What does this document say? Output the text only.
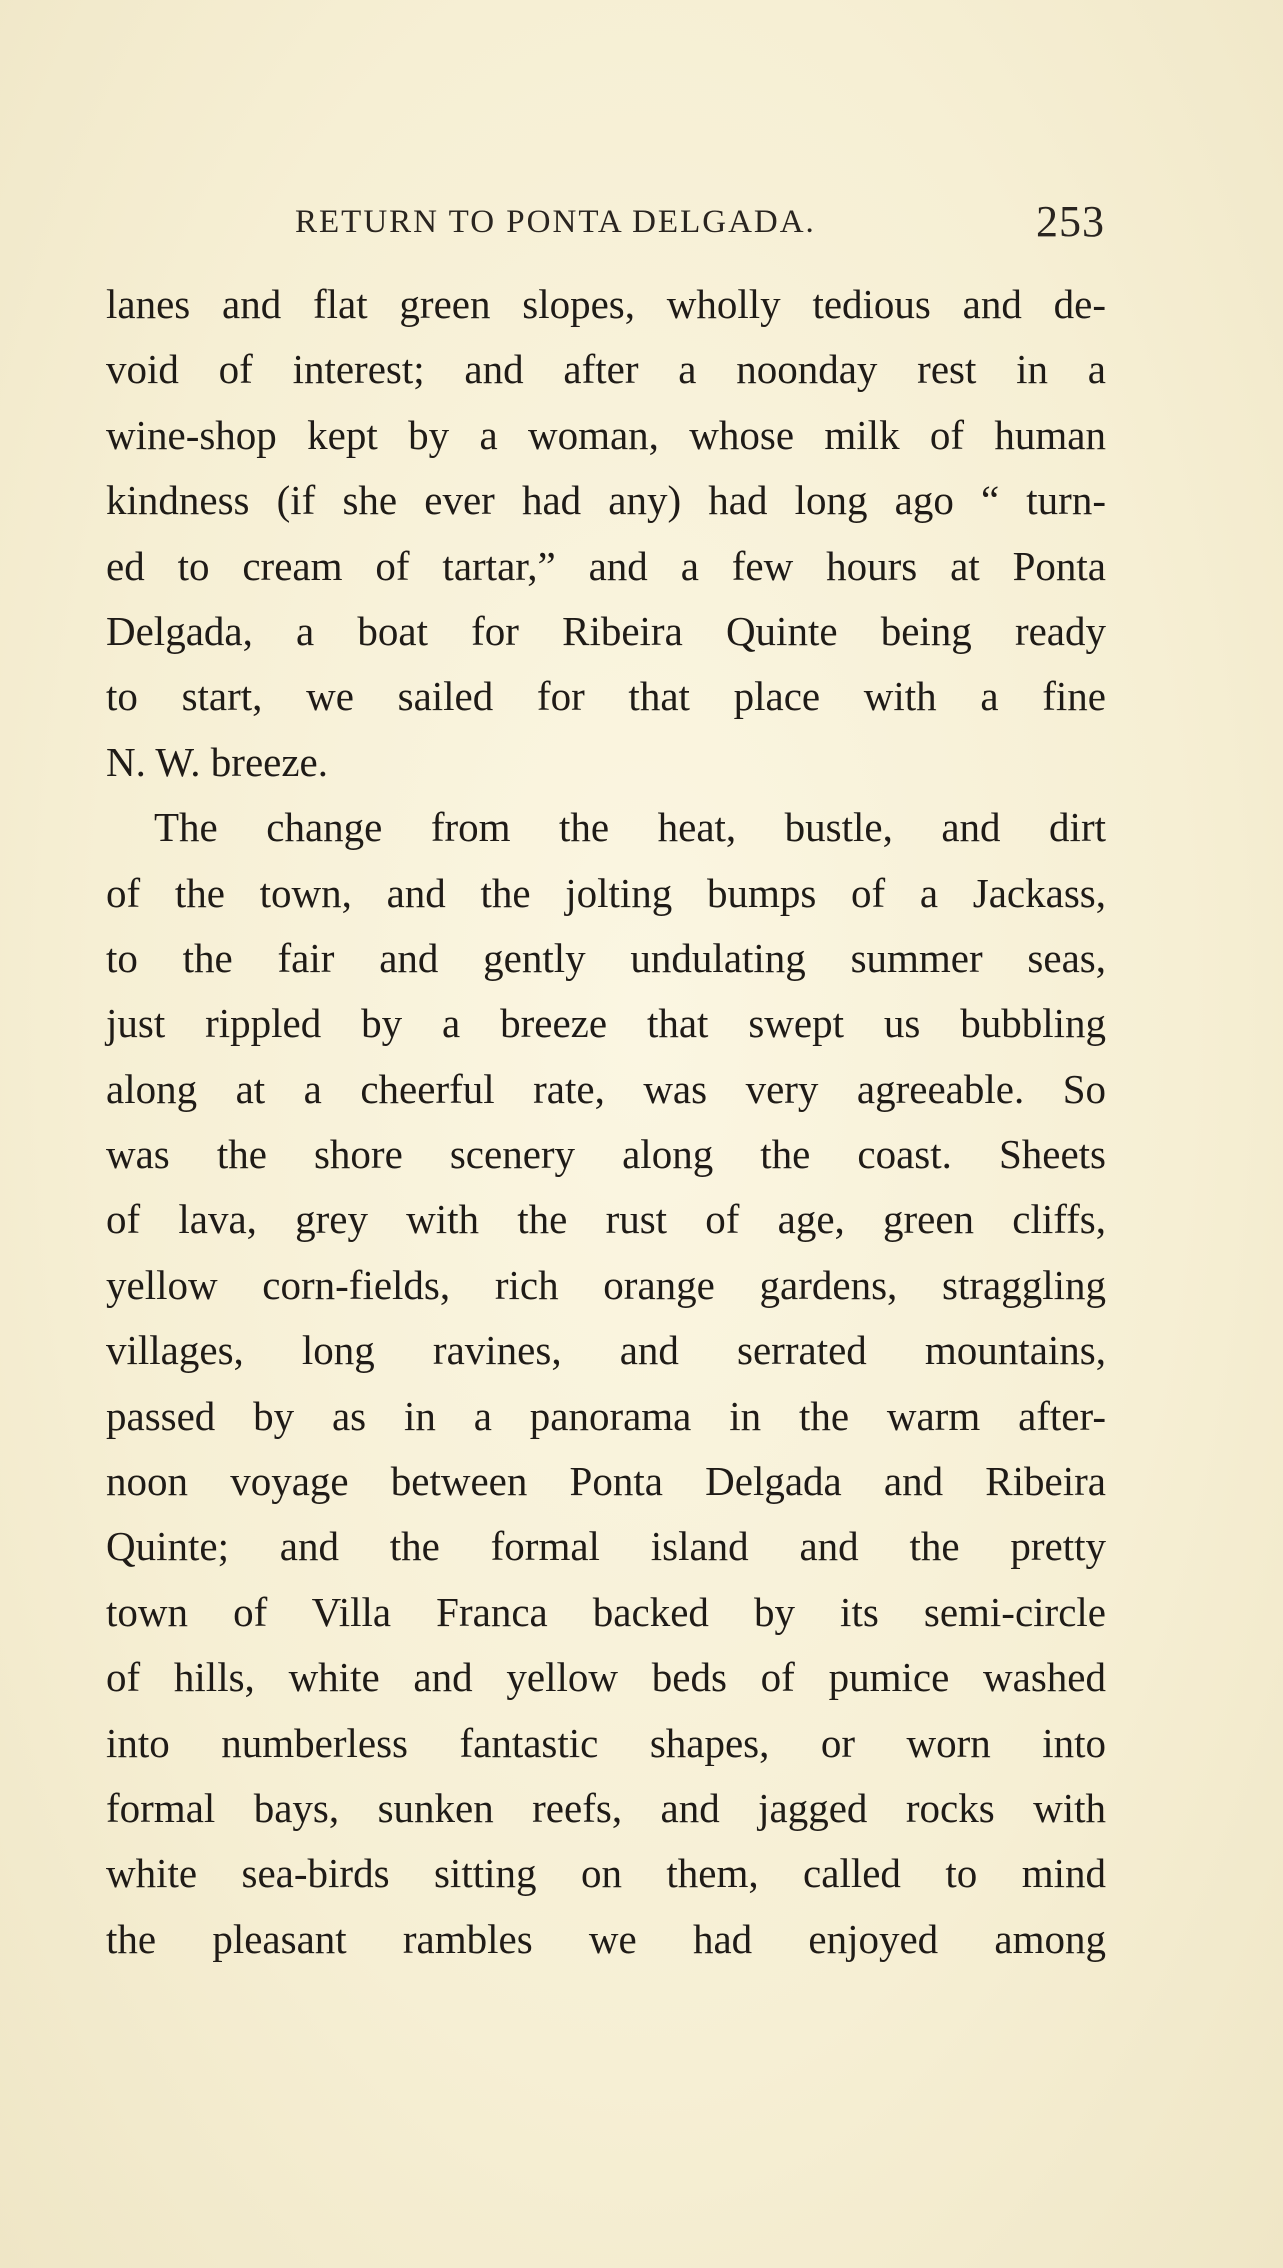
RETURN TO PONTA DELGADA.	253
lanes and flat green slopes, wholly tedious and de-
void of interest; and after a noonday rest in a
wine-shop kept by a woman, whose milk of human
kindness (if she ever had any) had long ago “ turn-
ed to cream of tartar,” and a few hours at Ponta
Delgada, a boat for Ribeira Quinte being ready
to start, we sailed for that place with a fine
N. W. breeze.
The change from the heat, bustle, and dirt
of the town, and the jolting bumps of a Jackass,
to the fair and gently undulating summer seas,
just rippled by a breeze that swept us bubbling
along at a cheerful rate, was very agreeable. So
was the shore scenery along the coast. Sheets
of lava, grey with the rust of age, green cliffs,
yellow corn-fields, rich orange gardens, straggling
villages, long ravines, and serrated mountains,
passed by as in a panorama in the warm after-
noon voyage between Ponta Delgada and Ribeira
Quinte; and the formal island and the pretty
town of Villa Franca backed by its semi-circle
of hills, white and yellow beds of pumice washed
into numberless fantastic shapes, or worn into
formal bays, sunken reefs, and jagged rocks with
white sea-birds sitting on them, called to mind
the pleasant rambles we had enjoyed among
